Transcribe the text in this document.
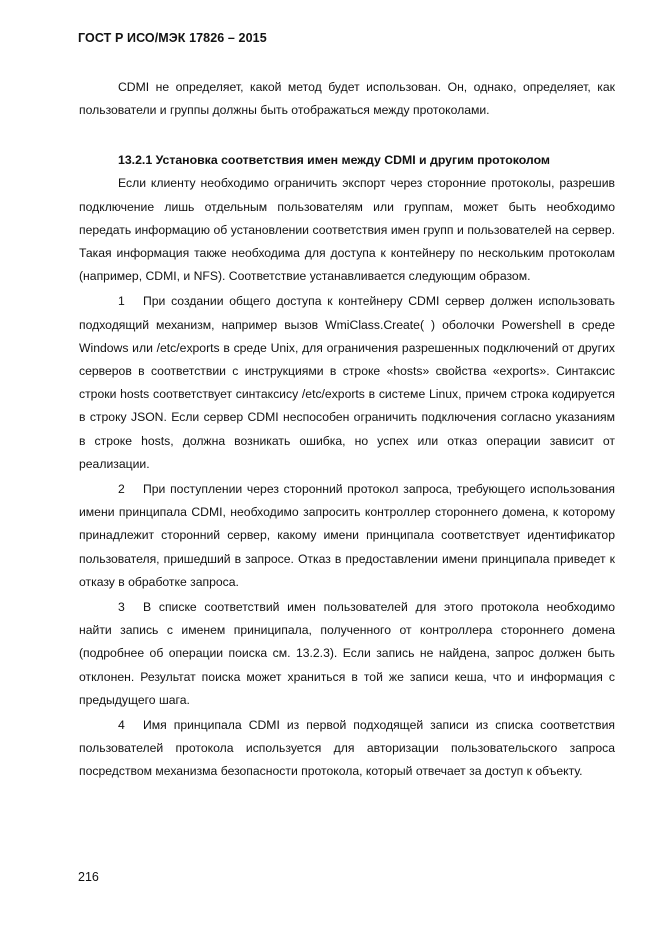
ГОСТ Р ИСО/МЭК 17826 – 2015

CDMI не определяет, какой метод будет использован. Он, однако, определяет, как пользователи и группы должны быть отображаться между протоколами.

13.2.1 Установка соответствия имен между CDMI и другим протоколом

Если клиенту необходимо ограничить экспорт через сторонние протоколы, разрешив подключение лишь отдельным пользователям или группам, может быть необходимо передать информацию об установлении соответствия имен групп и пользователей на сервер. Такая информация также необходима для доступа к контейнеру по нескольким протоколам (например, CDMI, и NFS). Соответствие устанавливается следующим образом.

1 При создании общего доступа к контейнеру CDMI сервер должен использовать подходящий механизм, например вызов WmiClass.Create( ) оболочки Powershell в среде Windows или /etc/exports в среде Unix, для ограничения разрешенных подключений от других серверов в соответствии с инструкциями в строке «hosts» свойства «exports». Синтаксис строки hosts соответствует синтаксису /etc/exports в системе Linux, причем строка кодируется в строку JSON. Если сервер CDMI неспособен ограничить подключения согласно указаниям в строке hosts, должна возникать ошибка, но успех или отказ операции зависит от реализации.

2 При поступлении через сторонний протокол запроса, требующего использования имени принципала CDMI, необходимо запросить контроллер стороннего домена, к которому принадлежит сторонний сервер, какому имени принципала соответствует идентификатор пользователя, пришедший в запросе. Отказ в предоставлении имени принципала приведет к отказу в обработке запроса.

3 В списке соответствий имен пользователей для этого протокола необходимо найти запись с именем приниципала, полученного от контроллера стороннего домена (подробнее об операции поиска см. 13.2.3). Если запись не найдена, запрос должен быть отклонен. Результат поиска может храниться в той же записи кеша, что и информация с предыдущего шага.

4 Имя принципала CDMI из первой подходящей записи из списка соответствия пользователей протокола используется для авторизации пользовательского запроса посредством механизма безопасности протокола, который отвечает за доступ к объекту.

216
